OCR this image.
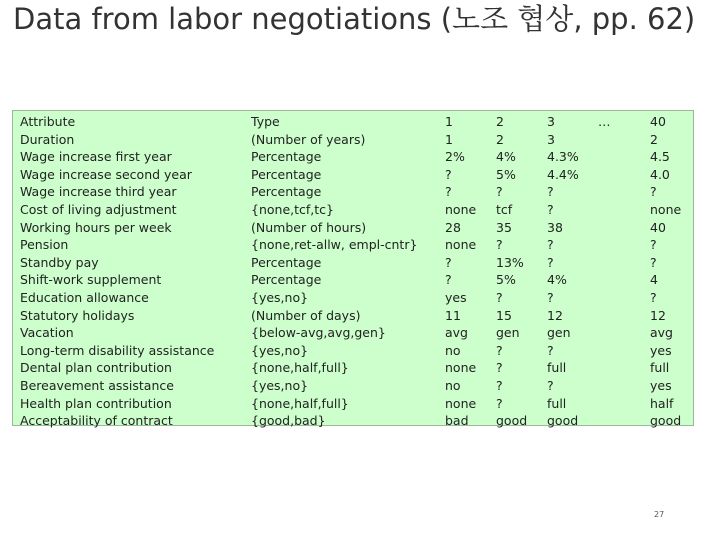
Data from labor negotiations (노조 협상, pp. 62)
Attribute
Duration
Wage increase first year
Wage increase second year
Wage increase third year
Cost of living adjustment
Working hours per week
Pension
Standby pay
Shift-work supplement
Education allowance
Statutory holidays
Vacation
Long-term disability assistance
Dental plan contribution
Bereavement assistance
Health plan contribution
Acceptability of contract
Type
(Number of years)
Percentage
Percentage
Percentage
{none,tcf,tc}
(Number of hours)
{none,ret-allw, empl-cntr}
Percentage
Percentage
{yes,no}
(Number of days)
{below-avg,avg,gen}
{yes,no}
{none,half,full}
{yes,no}
{none,half,full}
{good,bad}
1
1
2%
?
?
none
28
none
?
?
yes
11
avg
no
none
no
none
bad
2
2
4%
5%
?
tcf
35
?
13%
5%
?
15
gen
?
?
?
?
good
3
3
4.3%
4.4%
?
?
38
?
?
4%
?
12
gen
?
full
?
full
good
…	40
2
4.5
4.0
?
none
40
?
?
4
?
12
avg
yes
full
yes
half
good
27
